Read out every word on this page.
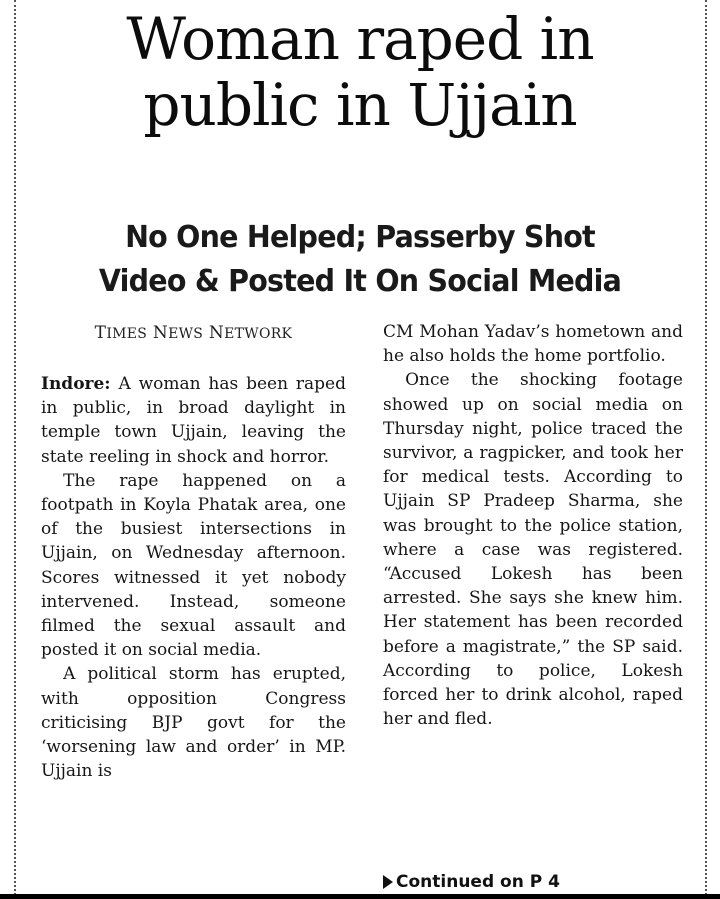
Woman raped in
public in Ujjain
No One Helped; Passerby Shot
Video & Posted It On Social Media
TIMES NEWS NETWORK

Indore: A woman has been raped in public, in broad daylight in temple town Ujjain, leaving the state reeling in shock and horror.

The rape happened on a footpath in Koyla Phatak area, one of the busiest intersections in Ujjain, on Wednesday afternoon. Scores witnessed it yet nobody intervened. Instead, someone filmed the sexual assault and posted it on social media.

A political storm has erupted, with opposition Congress criticising BJP govt for the ‘worsening law and order’ in MP. Ujjain is

CM Mohan Yadav’s hometown and he also holds the home portfolio.

Once the shocking footage showed up on social media on Thursday night, police traced the survivor, a ragpicker, and took her for medical tests. According to Ujjain SP Pradeep Sharma, she was brought to the police station, where a case was registered. “Accused Lokesh has been arrested. She says she knew him. Her statement has been recorded before a magistrate,” the SP said. According to police, Lokesh forced her to drink alcohol, raped her and fled.

Continued on P 4
